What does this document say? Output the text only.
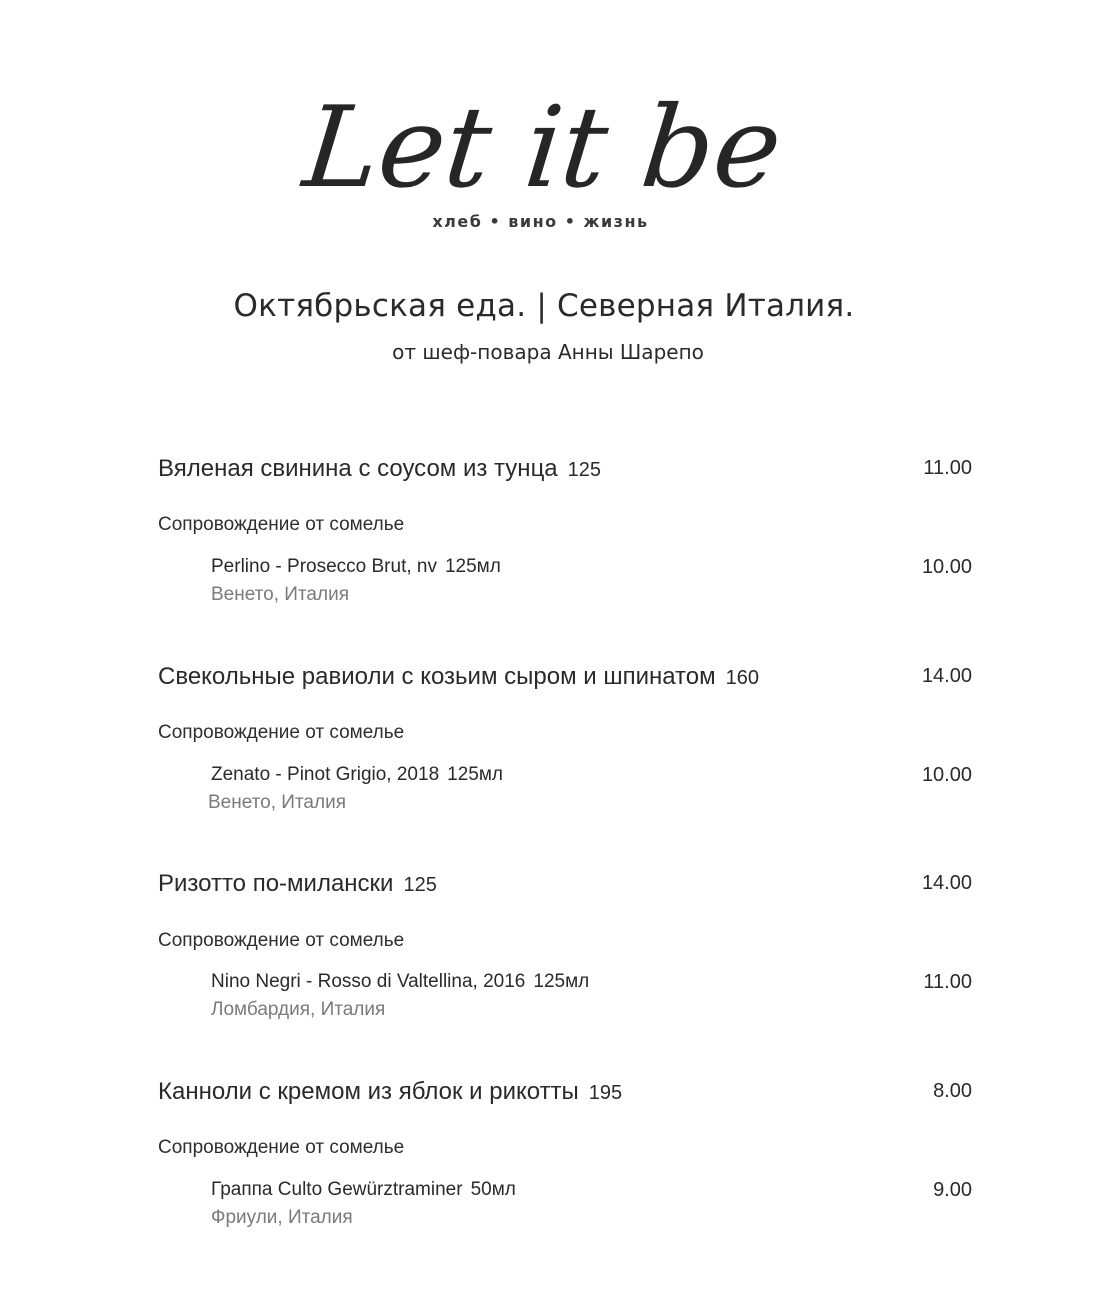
Let it be
хлеб • вино • жизнь
Октябрьская еда. | Северная Италия.
от шеф-повара Анны Шарепо
Вяленая свинина с соусом из тунца 125	11.00
Сопровождение от сомелье
Perlino - Prosecco Brut, nv 125мл	10.00
Венето, Италия
Свекольные равиоли с козьим сыром и шпинатом 160	14.00
Сопровождение от сомелье
Zenato - Pinot Grigio, 2018 125мл	10.00
Венето, Италия
Ризотто по-милански 125	14.00
Сопровождение от сомелье
Nino Negri - Rosso di Valtellina, 2016 125мл	11.00
Ломбардия, Италия
Канноли с кремом из яблок и рикотты 195	8.00
Сопровождение от сомелье
Граппа Culto Gewürztraminer 50мл	9.00
Фриули, Италия
